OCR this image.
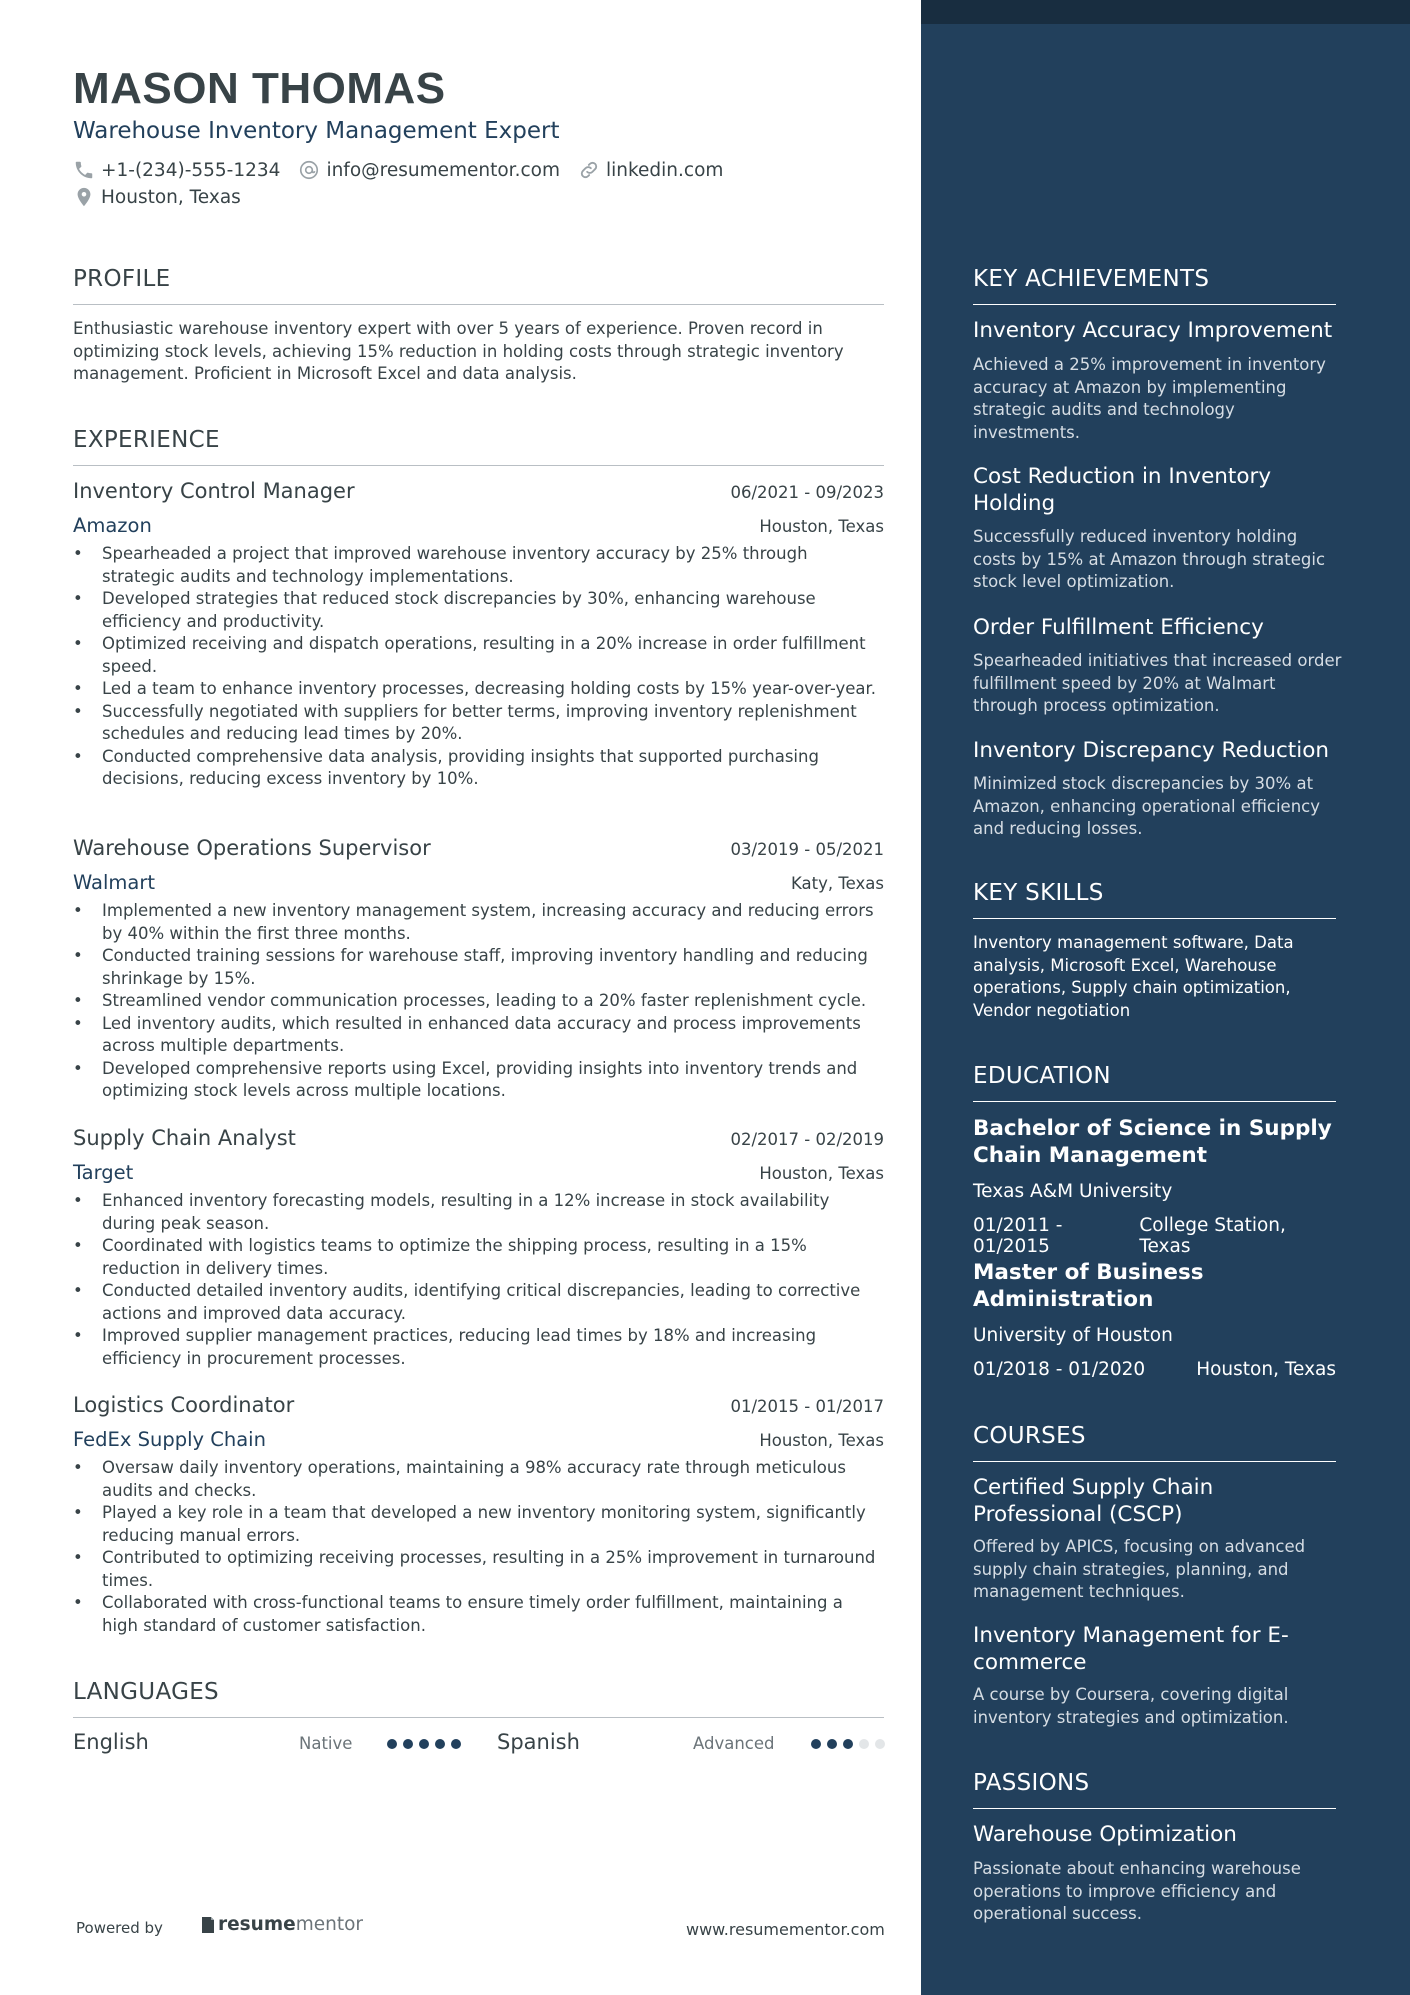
MASON THOMAS
Warehouse Inventory Management Expert
+1-(234)-555-1234 info@resumementor.com linkedin.com
Houston, Texas
PROFILE
Enthusiastic warehouse inventory expert with over 5 years of experience. Proven record in optimizing stock levels, achieving 15% reduction in holding costs through strategic inventory management. Proficient in Microsoft Excel and data analysis.
EXPERIENCE
Inventory Control Manager	06/2021 - 09/2023
Amazon	Houston, Texas
• Spearheaded a project that improved warehouse inventory accuracy by 25% through strategic audits and technology implementations.
• Developed strategies that reduced stock discrepancies by 30%, enhancing warehouse efficiency and productivity.
• Optimized receiving and dispatch operations, resulting in a 20% increase in order fulfillment speed.
• Led a team to enhance inventory processes, decreasing holding costs by 15% year-over-year.
• Successfully negotiated with suppliers for better terms, improving inventory replenishment schedules and reducing lead times by 20%.
• Conducted comprehensive data analysis, providing insights that supported purchasing decisions, reducing excess inventory by 10%.
Warehouse Operations Supervisor	03/2019 - 05/2021
Walmart	Katy, Texas
• Implemented a new inventory management system, increasing accuracy and reducing errors by 40% within the first three months.
• Conducted training sessions for warehouse staff, improving inventory handling and reducing shrinkage by 15%.
• Streamlined vendor communication processes, leading to a 20% faster replenishment cycle.
• Led inventory audits, which resulted in enhanced data accuracy and process improvements across multiple departments.
• Developed comprehensive reports using Excel, providing insights into inventory trends and optimizing stock levels across multiple locations.
Supply Chain Analyst	02/2017 - 02/2019
Target	Houston, Texas
• Enhanced inventory forecasting models, resulting in a 12% increase in stock availability during peak season.
• Coordinated with logistics teams to optimize the shipping process, resulting in a 15% reduction in delivery times.
• Conducted detailed inventory audits, identifying critical discrepancies, leading to corrective actions and improved data accuracy.
• Improved supplier management practices, reducing lead times by 18% and increasing efficiency in procurement processes.
Logistics Coordinator	01/2015 - 01/2017
FedEx Supply Chain	Houston, Texas
• Oversaw daily inventory operations, maintaining a 98% accuracy rate through meticulous audits and checks.
• Played a key role in a team that developed a new inventory monitoring system, significantly reducing manual errors.
• Contributed to optimizing receiving processes, resulting in a 25% improvement in turnaround times.
• Collaborated with cross-functional teams to ensure timely order fulfillment, maintaining a high standard of customer satisfaction.
LANGUAGES
English	Native	Spanish	Advanced
Powered by	resume mentor	www.resumementor.com
KEY ACHIEVEMENTS
Inventory Accuracy Improvement
Achieved a 25% improvement in inventory accuracy at Amazon by implementing strategic audits and technology investments.
Cost Reduction in Inventory Holding
Successfully reduced inventory holding costs by 15% at Amazon through strategic stock level optimization.
Order Fulfillment Efficiency
Spearheaded initiatives that increased order fulfillment speed by 20% at Walmart through process optimization.
Inventory Discrepancy Reduction
Minimized stock discrepancies by 30% at Amazon, enhancing operational efficiency and reducing losses.
KEY SKILLS
Inventory management software, Data analysis, Microsoft Excel, Warehouse operations, Supply chain optimization, Vendor negotiation
EDUCATION
Bachelor of Science in Supply Chain Management
Texas A&M University
01/2011 - 01/2015
College Station, Texas
Master of Business Administration
University of Houston
01/2018 - 01/2020	Houston, Texas
COURSES
Certified Supply Chain Professional (CSCP)
Offered by APICS, focusing on advanced supply chain strategies, planning, and management techniques.
Inventory Management for E-commerce
A course by Coursera, covering digital inventory strategies and optimization.
PASSIONS
Warehouse Optimization
Passionate about enhancing warehouse operations to improve efficiency and operational success.
